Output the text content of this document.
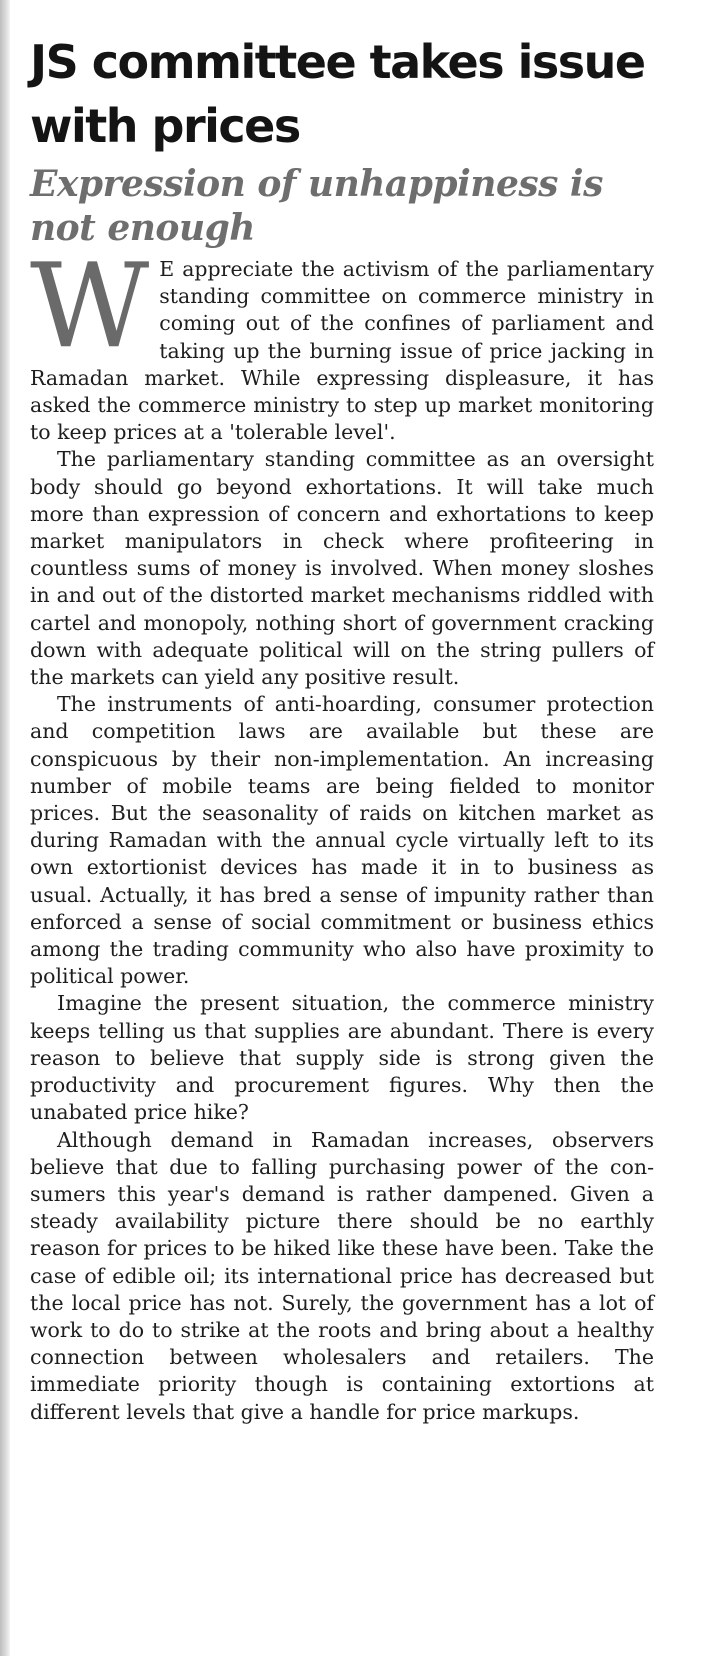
JS committee takes issue with prices
Expression of unhappiness is not enough

W E appreciate the activism of the parliamentary standing committee on commerce ministry in coming out of the confines of parliament and taking up the burning issue of price jacking in Ramadan market. While expressing displeasure, it has asked the commerce ministry to step up market monitoring to keep prices at a 'tolerable level'.

The parliamentary standing committee as an oversight body should go beyond exhortations. It will take much more than expression of concern and exhortations to keep market manipulators in check where profiteering in countless sums of money is involved. When money sloshes in and out of the distorted market mechanisms riddled with cartel and monopoly, nothing short of government cracking down with adequate political will on the string pullers of the markets can yield any positive result.

The instruments of anti-hoarding, consumer protection and competition laws are available but these are conspicuous by their non-implementation. An increasing number of mobile teams are being fielded to monitor prices. But the seasonality of raids on kitchen market as during Ramadan with the annual cycle virtually left to its own extortionist devices has made it in to business as usual. Actually, it has bred a sense of impunity rather than enforced a sense of social commitment or business ethics among the trading community who also have proximity to political power.

Imagine the present situation, the commerce ministry keeps telling us that supplies are abundant. There is every reason to believe that supply side is strong given the productivity and procurement figures. Why then the unabated price hike?

Although demand in Ramadan increases, observers believe that due to falling purchasing power of the consumers this year's demand is rather dampened. Given a steady availability picture there should be no earthly reason for prices to be hiked like these have been. Take the case of edible oil; its international price has decreased but the local price has not. Surely, the government has a lot of work to do to strike at the roots and bring about a healthy connection between wholesalers and retailers. The immediate priority though is containing extortions at different levels that give a handle for price markups.
